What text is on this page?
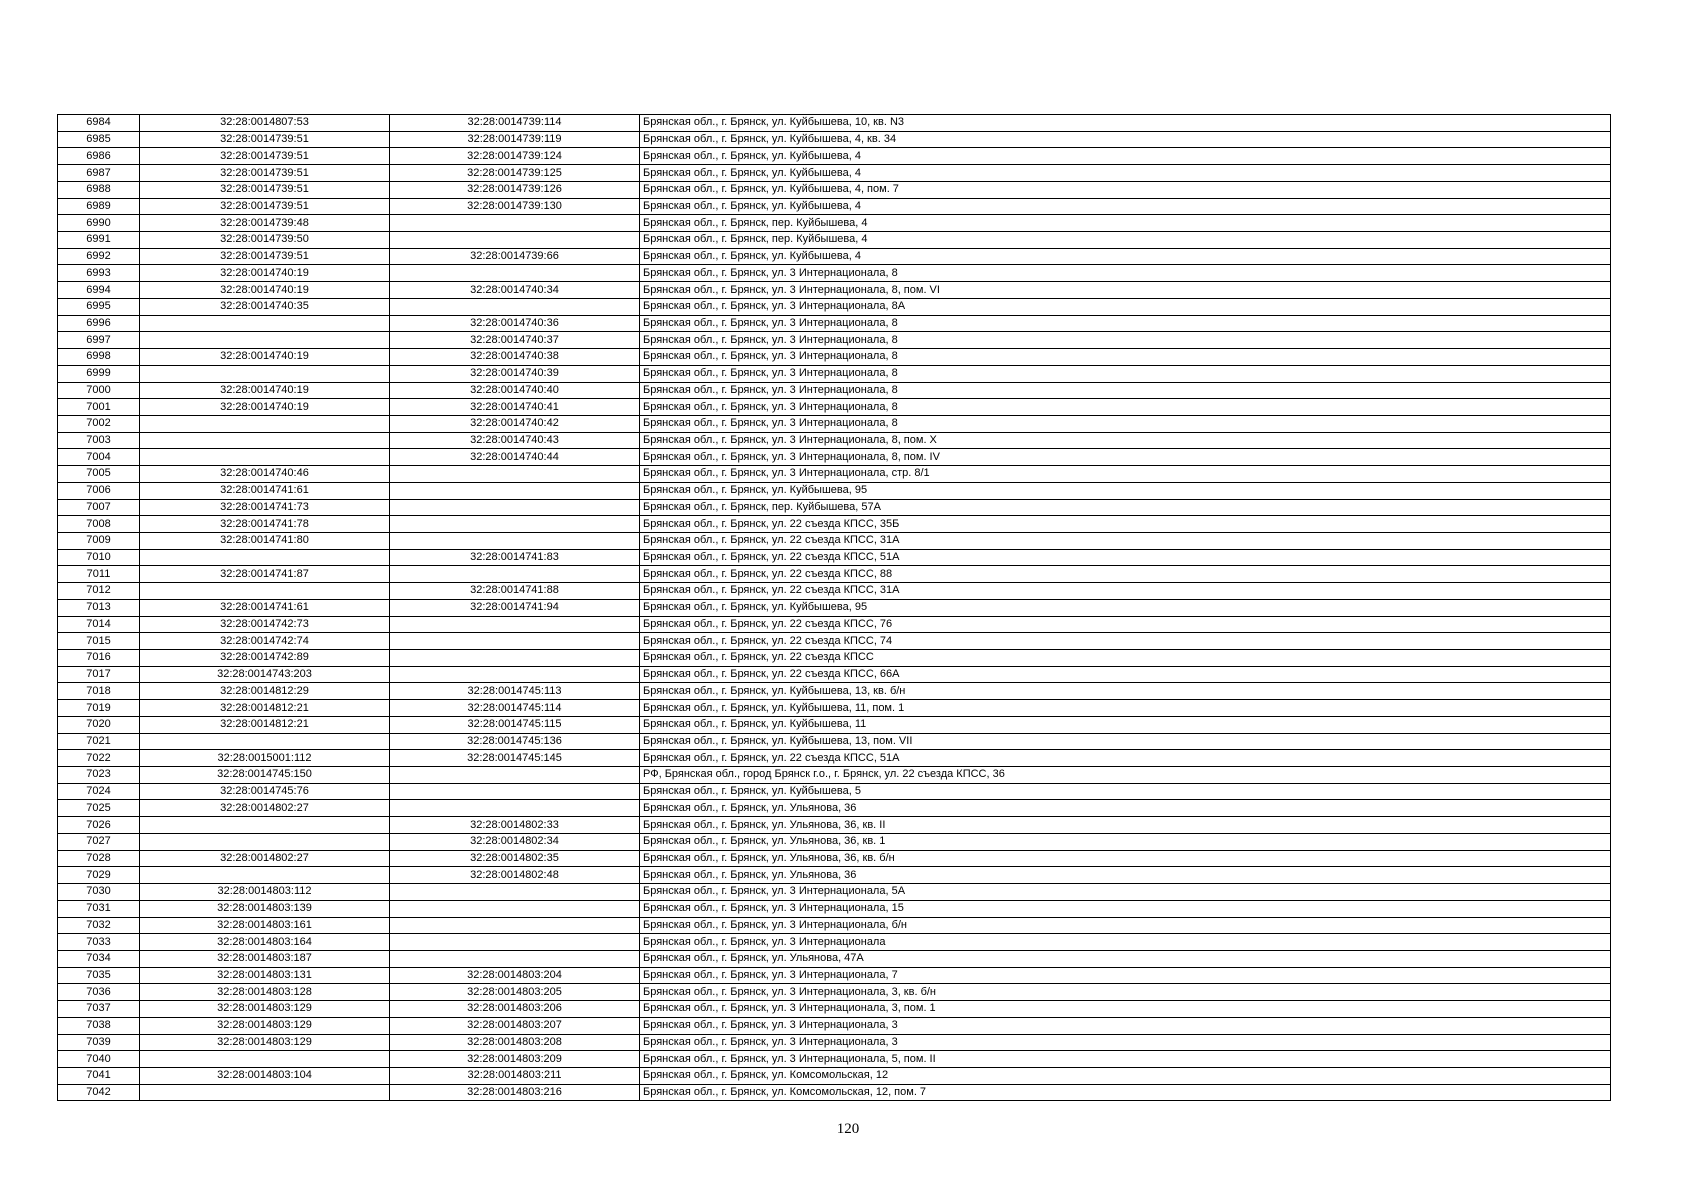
6984	32:28:0014807:53	32:28:0014739:114	Брянская обл., г. Брянск, ул. Куйбышева, 10, кв. N3
6985	32:28:0014739:51	32:28:0014739:119	Брянская обл., г. Брянск, ул. Куйбышева, 4, кв. 34
6986	32:28:0014739:51	32:28:0014739:124	Брянская обл., г. Брянск, ул. Куйбышева, 4
6987	32:28:0014739:51	32:28:0014739:125	Брянская обл., г. Брянск, ул. Куйбышева, 4
6988	32:28:0014739:51	32:28:0014739:126	Брянская обл., г. Брянск, ул. Куйбышева, 4, пом. 7
6989	32:28:0014739:51	32:28:0014739:130	Брянская обл., г. Брянск, ул. Куйбышева, 4
6990	32:28:0014739:48		Брянская обл., г. Брянск, пер. Куйбышева, 4
6991	32:28:0014739:50		Брянская обл., г. Брянск, пер. Куйбышева, 4
6992	32:28:0014739:51	32:28:0014739:66	Брянская обл., г. Брянск, ул. Куйбышева, 4
6993	32:28:0014740:19		Брянская обл., г. Брянск, ул. 3 Интернационала, 8
6994	32:28:0014740:19	32:28:0014740:34	Брянская обл., г. Брянск, ул. 3 Интернационала, 8, пом. VI
6995	32:28:0014740:35		Брянская обл., г. Брянск, ул. 3 Интернационала, 8А
6996		32:28:0014740:36	Брянская обл., г. Брянск, ул. 3 Интернационала, 8
6997		32:28:0014740:37	Брянская обл., г. Брянск, ул. 3 Интернационала, 8
6998	32:28:0014740:19	32:28:0014740:38	Брянская обл., г. Брянск, ул. 3 Интернационала, 8
6999		32:28:0014740:39	Брянская обл., г. Брянск, ул. 3 Интернационала, 8
7000	32:28:0014740:19	32:28:0014740:40	Брянская обл., г. Брянск, ул. 3 Интернационала, 8
7001	32:28:0014740:19	32:28:0014740:41	Брянская обл., г. Брянск, ул. 3 Интернационала, 8
7002		32:28:0014740:42	Брянская обл., г. Брянск, ул. 3 Интернационала, 8
7003		32:28:0014740:43	Брянская обл., г. Брянск, ул. 3 Интернационала, 8, пом. X
7004		32:28:0014740:44	Брянская обл., г. Брянск, ул. 3 Интернационала, 8, пом. IV
7005	32:28:0014740:46		Брянская обл., г. Брянск, ул. 3 Интернационала, стр. 8/1
7006	32:28:0014741:61		Брянская обл., г. Брянск, ул. Куйбышева, 95
7007	32:28:0014741:73		Брянская обл., г. Брянск, пер. Куйбышева, 57А
7008	32:28:0014741:78		Брянская обл., г. Брянск, ул. 22 съезда КПСС, 35Б
7009	32:28:0014741:80		Брянская обл., г. Брянск, ул. 22 съезда КПСС, 31А
7010		32:28:0014741:83	Брянская обл., г. Брянск, ул. 22 съезда КПСС, 51А
7011	32:28:0014741:87		Брянская обл., г. Брянск, ул. 22 съезда КПСС, 88
7012		32:28:0014741:88	Брянская обл., г. Брянск, ул. 22 съезда КПСС, 31А
7013	32:28:0014741:61	32:28:0014741:94	Брянская обл., г. Брянск, ул. Куйбышева, 95
7014	32:28:0014742:73		Брянская обл., г. Брянск, ул. 22 съезда КПСС, 76
7015	32:28:0014742:74		Брянская обл., г. Брянск, ул. 22 съезда КПСС, 74
7016	32:28:0014742:89		Брянская обл., г. Брянск, ул. 22 съезда КПСС
7017	32:28:0014743:203		Брянская обл., г. Брянск, ул. 22 съезда КПСС, 66А
7018	32:28:0014812:29	32:28:0014745:113	Брянская обл., г. Брянск, ул. Куйбышева, 13, кв. б/н
7019	32:28:0014812:21	32:28:0014745:114	Брянская обл., г. Брянск, ул. Куйбышева, 11, пом. 1
7020	32:28:0014812:21	32:28:0014745:115	Брянская обл., г. Брянск, ул. Куйбышева, 11
7021		32:28:0014745:136	Брянская обл., г. Брянск, ул. Куйбышева, 13, пом. VII
7022	32:28:0015001:112	32:28:0014745:145	Брянская обл., г. Брянск, ул. 22 съезда КПСС, 51А
7023	32:28:0014745:150		РФ, Брянская обл., город Брянск г.о., г. Брянск, ул. 22 съезда КПСС, 36
7024	32:28:0014745:76		Брянская обл., г. Брянск, ул. Куйбышева, 5
7025	32:28:0014802:27		Брянская обл., г. Брянск, ул. Ульянова, 36
7026		32:28:0014802:33	Брянская обл., г. Брянск, ул. Ульянова, 36, кв. II
7027		32:28:0014802:34	Брянская обл., г. Брянск, ул. Ульянова, 36, кв. 1
7028	32:28:0014802:27	32:28:0014802:35	Брянская обл., г. Брянск, ул. Ульянова, 36, кв. б/н
7029		32:28:0014802:48	Брянская обл., г. Брянск, ул. Ульянова, 36
7030	32:28:0014803:112		Брянская обл., г. Брянск, ул. 3 Интернационала, 5А
7031	32:28:0014803:139		Брянская обл., г. Брянск, ул. 3 Интернационала, 15
7032	32:28:0014803:161		Брянская обл., г. Брянск, ул. 3 Интернационала, б/н
7033	32:28:0014803:164		Брянская обл., г. Брянск, ул. 3 Интернационала
7034	32:28:0014803:187		Брянская обл., г. Брянск, ул. Ульянова, 47А
7035	32:28:0014803:131	32:28:0014803:204	Брянская обл., г. Брянск, ул. 3 Интернационала, 7
7036	32:28:0014803:128	32:28:0014803:205	Брянская обл., г. Брянск, ул. 3 Интернационала, 3, кв. б/н
7037	32:28:0014803:129	32:28:0014803:206	Брянская обл., г. Брянск, ул. 3 Интернационала, 3, пом. 1
7038	32:28:0014803:129	32:28:0014803:207	Брянская обл., г. Брянск, ул. 3 Интернационала, 3
7039	32:28:0014803:129	32:28:0014803:208	Брянская обл., г. Брянск, ул. 3 Интернационала, 3
7040		32:28:0014803:209	Брянская обл., г. Брянск, ул. 3 Интернационала, 5, пом. II
7041	32:28:0014803:104	32:28:0014803:211	Брянская обл., г. Брянск, ул. Комсомольская, 12
7042		32:28:0014803:216	Брянская обл., г. Брянск, ул. Комсомольская, 12, пом. 7
120
